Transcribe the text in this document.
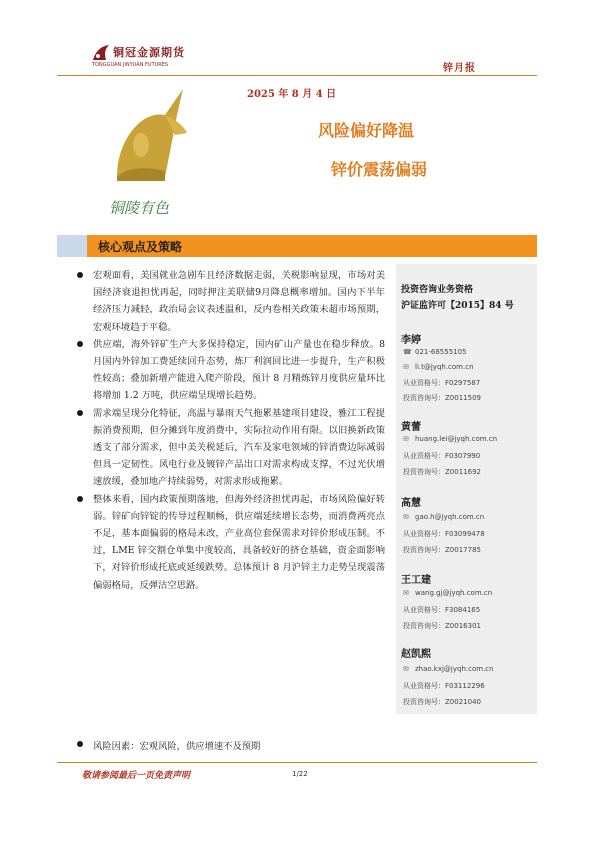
铜冠金源期货
TONGGUAN JINYUAN FUTURES	锌月报
2025 年 8 月 4 日
风险偏好降温
锌价震荡偏弱
铜陵有色
核心观点及策略
宏观面看，美国就业急剧车且经济数据走弱，关税影响显现，市场对美国经济衰退担忧再起，同时押注美联储9月降息概率增加。国内下半年经济压力减轻，政治局会议表述温和，反内卷相关政策未超市场预期，宏观环境趋于平稳。
供应端，海外锌矿生产大多保持稳定，国内矿山产量也在稳步释放。8 月国内外锌加工费延续回升态势，炼厂利润回比进一步提升，生产积极性较高；叠加新增产能进入爬产阶段，预计 8 月精炼锌月度供应量环比将增加 1.2 万吨，供应端呈现增长趋势。
需求端呈现分化特征，高温与暴雨天气拖累基建项目建设，雅江工程提振消费预期，但分摊到年度消费中，实际拉动作用有限。以旧换新政策透支了部分需求，但中美关税延后，汽车及家电领域的锌消费边际减弱但具一定韧性。风电行业及镀锌产品出口对需求构成支撑，不过光伏增速放缓，叠加地产持续弱势，对需求形成拖累。
整体来看，国内政策预期落地，但海外经济担忧再起，市场风险偏好转弱。锌矿向锌锭的传导过程顺畅，供应端延续增长态势，而消费两亮点不足，基本面偏弱的格局未改，产业高位套保需求对锌价形成压制。不过，LME 锌交割仓单集中度较高，具备较好的挤仓基础，资金面影响下，对锌价形成托底或延缓跌势。总体预计 8 月沪锌主力走势呈现震荡偏弱格局，反弹沽空思路。
风险因素：宏观风险，供应增速不及预期
投资咨询业务资格
沪证监许可【2015】84 号
李婷
☎ 021-68555105
✉ li.t@jyqh.com.cn
从业资格号：F0297587
投资咨询号：Z0011509
黄蕾
✉ huang.lei@jyqh.com.cn
从业资格号：F0307990
投资咨询号：Z0011692
高慧
✉ gao.h@jyqh.com.cn
从业资格号：F03099478
投资咨询号：Z0017785
王工建
✉ wang.gj@jyqh.com.cn
从业资格号：F3084165
投资咨询号：Z0016301
赵凯熙
✉ zhao.kxj@jyqh.com.cn
从业资格号：F03112296
投资咨询号：Z0021040
敬请参阅最后一页免责声明	1/22
